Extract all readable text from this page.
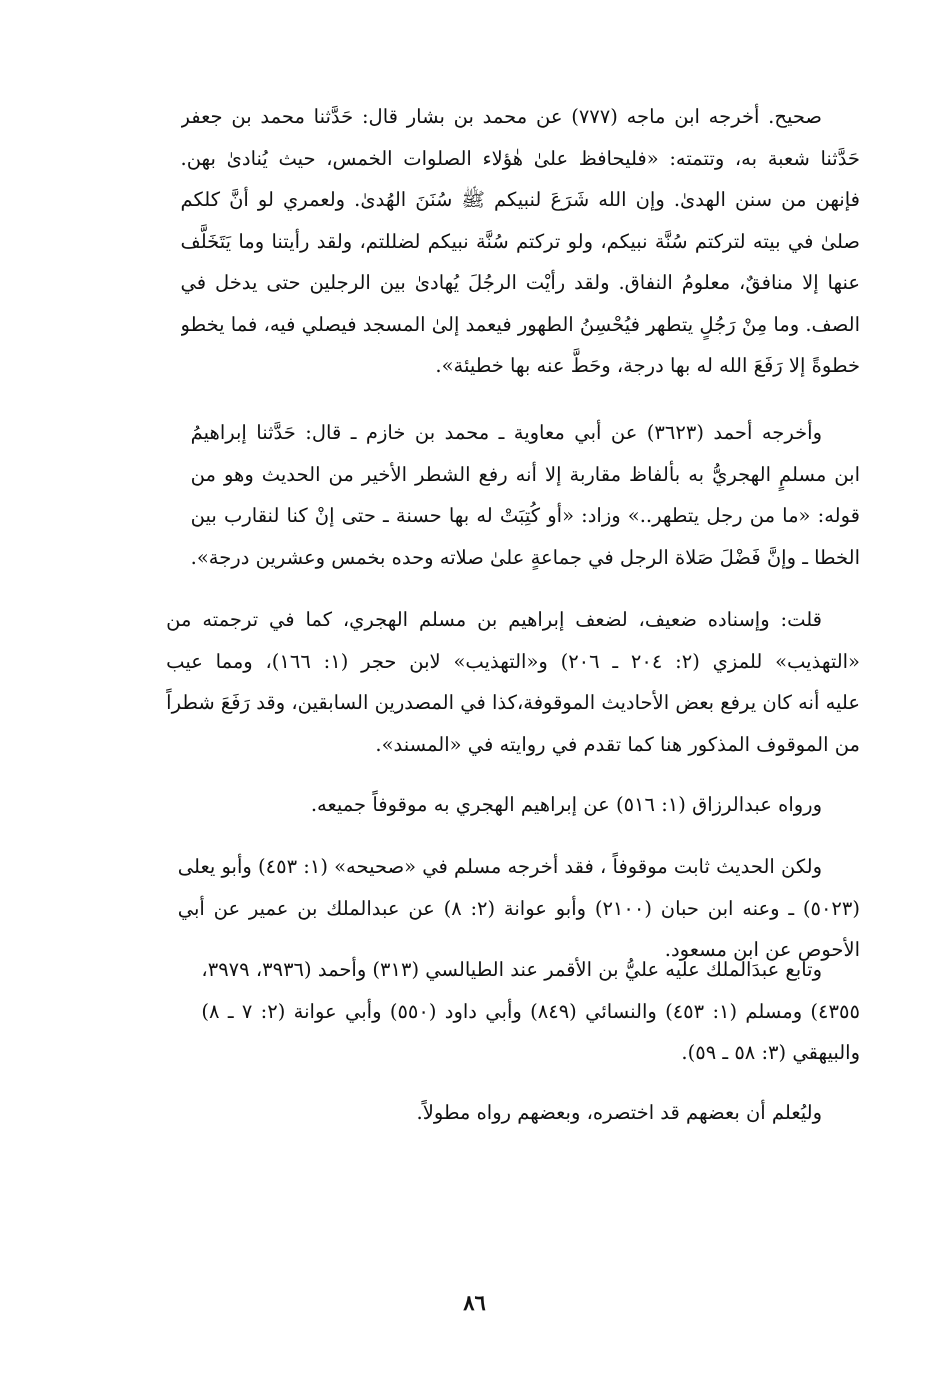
صحيح. أخرجه ابن ماجه (٧٧٧) عن محمد بن بشار قال: حَدَّثنا محمد بن جعفر
حَدَّثنا شعبة به، وتتمته: «فليحافظ علىٰ هٰؤلاء الصلوات الخمس، حيث يُنادىٰ بهن.
فإنهن من سنن الهدىٰ. وإن الله شَرَعَ لنبيكم ﷺ سُنَنَ الهُدىٰ. ولعمري لو أنَّ كلكم
صلىٰ في بيته لتركتم سُنَّة نبيكم، ولو تركتم سُنَّة نبيكم لضللتم، ولقد رأيتنا وما يَتَخَلَّف
عنها إلا منافقٌ، معلومُ النفاق. ولقد رأيْت الرجُلَ يُهادىٰ بين الرجلين حتى يدخل في
الصف. وما مِنْ رَجُلٍ يتطهر فيُحْسِنُ الطهور فيعمد إلىٰ المسجد فيصلي فيه، فما يخطو
خطوةً إلا رَفَعَ الله له بها درجة، وحَطَّ عنه بها خطيئة».
وأخرجه أحمد (٣٦٢٣) عن أبي معاوية ـ محمد بن خازم ـ قال: حَدَّثنا إبراهيمُ
ابن مسلمٍ الهجريُّ به بألفاظ مقاربة إلا أنه رفع الشطر الأخير من الحديث وهو من
قوله: «ما من رجل يتطهر..» وزاد: «أو كُتِبَتْ له بها حسنة ـ حتى إنْ كنا لنقارب بين
الخطا ـ وإنَّ فَضْلَ صَلاة الرجل في جماعةٍ علىٰ صلاته وحده بخمس وعشرين درجة».
قلت: وإسناده ضعيف، لضعف إبراهيم بن مسلم الهجري، كما في ترجمته من
«التهذيب» للمزي (٢: ٢٠٤ ـ ٢٠٦) و«التهذيب» لابن حجر (١: ١٦٦)، ومما عيب
عليه أنه كان يرفع بعض الأحاديث الموقوفة،كذا في المصدرين السابقين، وقد رَفَعَ شطراً
من الموقوف المذكور هنا كما تقدم في روايته في «المسند».
ورواه عبدالرزاق (١: ٥١٦) عن إبراهيم الهجري به موقوفاً جميعه.
ولكن الحديث ثابت موقوفاً ، فقد أخرجه مسلم في «صحيحه» (١: ٤٥٣) وأبو يعلى
(٥٠٢٣) ـ وعنه ابن حبان (٢١٠٠) وأبو عوانة (٢: ٨) عن عبدالملك بن عمير عن أبي
الأحوص عن ابن مسعود.
وتابع عبدَالملك عليه عليُّ بن الأقمر عند الطيالسي (٣١٣) وأحمد (٣٩٣٦، ٣٩٧٩،
٤٣٥٥) ومسلم (١: ٤٥٣) والنسائي (٨٤٩) وأبي داود (٥٥٠) وأبي عوانة (٢: ٧ ـ ٨)
والبيهقي (٣: ٥٨ ـ ٥٩).
وليُعلم أن بعضهم قد اختصره، وبعضهم رواه مطولاً.
٨٦
